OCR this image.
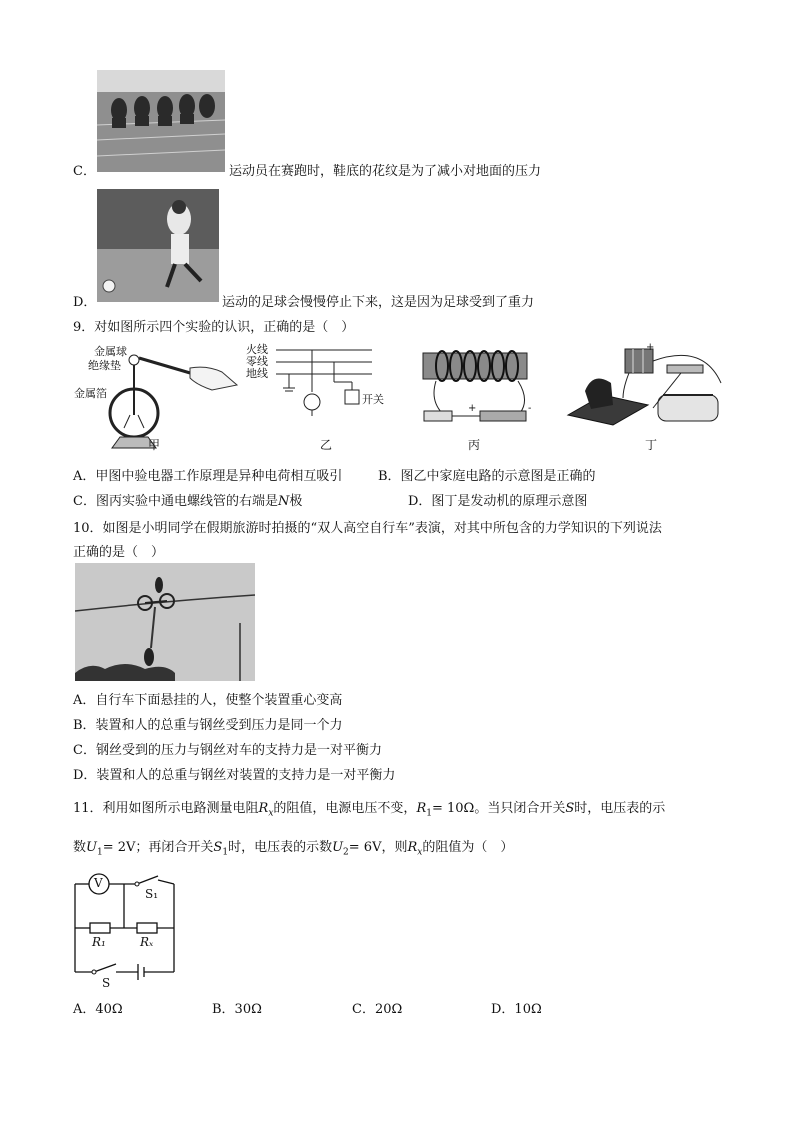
C．	运动员在赛跑时，鞋底的花纹是为了减小对地面的压力
D．	运动的足球会慢慢停止下来，这是因为足球受到了重力
9．对如图所示四个实验的认识，正确的是（　）
金属球
绝缘垫
金属箔
甲
火线
零线
地线
开关
乙
+	-
丙
+
丁
A．甲图中验电器工作原理是异种电荷相互吸引	B．图乙中家庭电路的示意图是正确的
C．图丙实验中通电螺线管的右端是N极	D．图丁是发动机的原理示意图
10．如图是小明同学在假期旅游时拍摄的“双人高空自行车”表演，对其中所包含的力学知识的下列说法
正确的是（　）
A．自行车下面悬挂的人，使整个装置重心变高
B．装置和人的总重与钢丝受到压力是同一个力
C．钢丝受到的压力与钢丝对车的支持力是一对平衡力
D．装置和人的总重与钢丝对装置的支持力是一对平衡力
11．利用如图所示电路测量电阻$R_x$的阻值，电源电压不变，$R_1= 10\Omega$。当只闭合开关S时，电压表的示
数$U_1= 2V$；再闭合开关$S_1$时，电压表的示数$U_2= 6V$，则$R_x$的阻值为（　）
V
S₁
R₁	Rₓ
S
A．40Ω	B．30Ω	C．20Ω	D．10Ω
